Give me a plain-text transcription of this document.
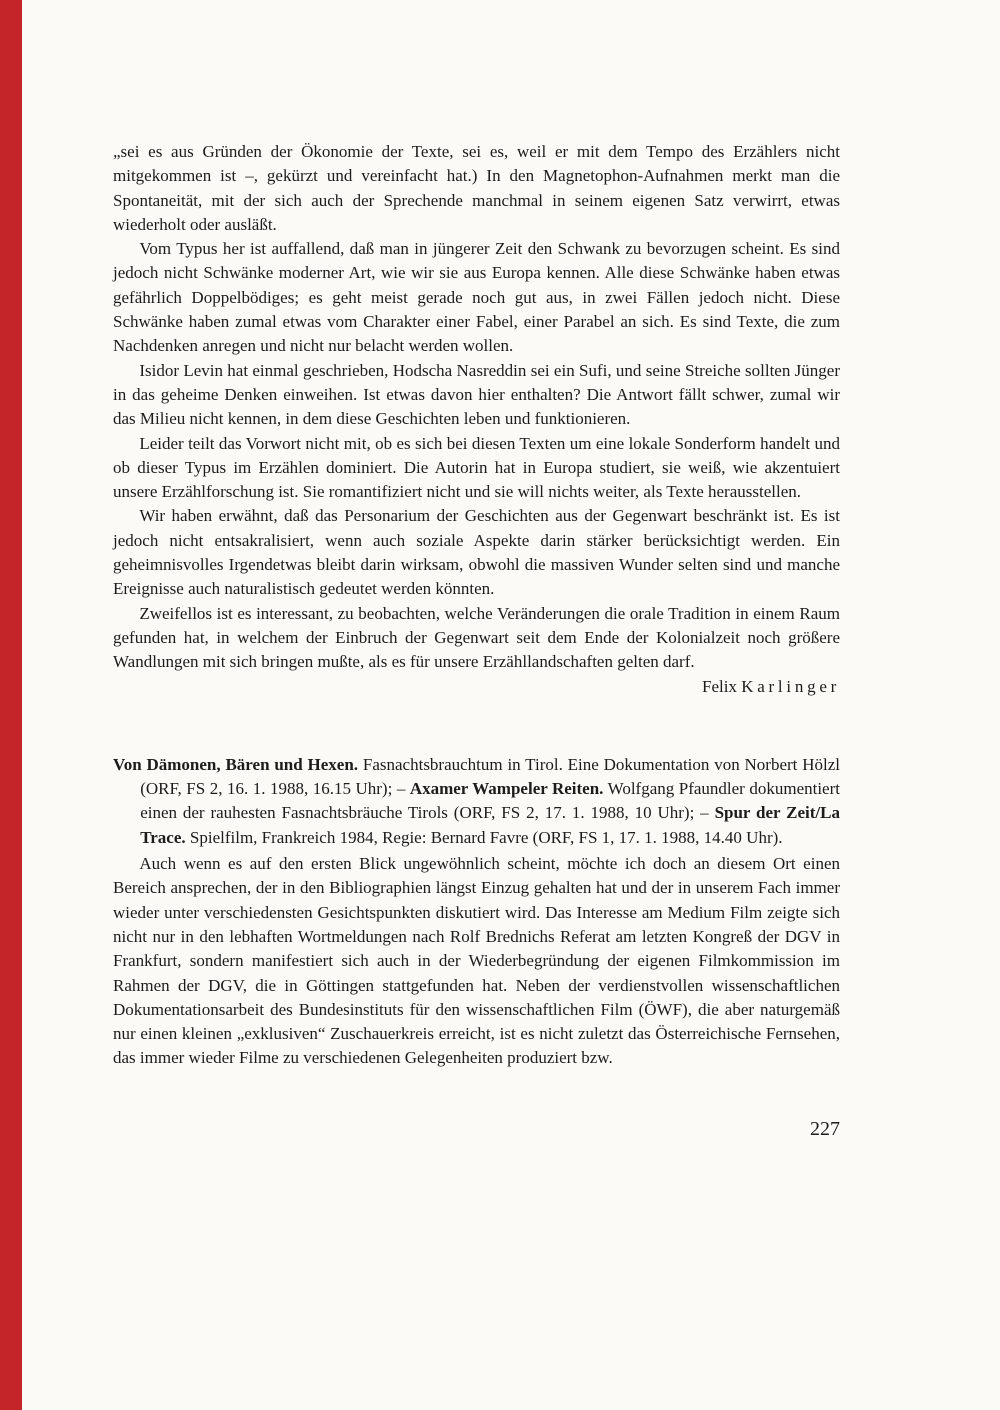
„sei es aus Gründen der Ökonomie der Texte, sei es, weil er mit dem Tempo des Erzählers nicht mitgekommen ist –, gekürzt und vereinfacht hat.) In den Magnetophon-Aufnahmen merkt man die Spontaneität, mit der sich auch der Sprechende manchmal in seinem eigenen Satz verwirrt, etwas wiederholt oder ausläßt.

Vom Typus her ist auffallend, daß man in jüngerer Zeit den Schwank zu bevorzugen scheint. Es sind jedoch nicht Schwänke moderner Art, wie wir sie aus Europa kennen. Alle diese Schwänke haben etwas gefährlich Doppelbödiges; es geht meist gerade noch gut aus, in zwei Fällen jedoch nicht. Diese Schwänke haben zumal etwas vom Charakter einer Fabel, einer Parabel an sich. Es sind Texte, die zum Nachdenken anregen und nicht nur belacht werden wollen.

Isidor Levin hat einmal geschrieben, Hodscha Nasreddin sei ein Sufi, und seine Streiche sollten Jünger in das geheime Denken einweihen. Ist etwas davon hier enthalten? Die Antwort fällt schwer, zumal wir das Milieu nicht kennen, in dem diese Geschichten leben und funktionieren.

Leider teilt das Vorwort nicht mit, ob es sich bei diesen Texten um eine lokale Sonderform handelt und ob dieser Typus im Erzählen dominiert. Die Autorin hat in Europa studiert, sie weiß, wie akzentuiert unsere Erzählforschung ist. Sie romantifiziert nicht und sie will nichts weiter, als Texte herausstellen.

Wir haben erwähnt, daß das Personarium der Geschichten aus der Gegenwart beschränkt ist. Es ist jedoch nicht entsakralisiert, wenn auch soziale Aspekte darin stärker berücksichtigt werden. Ein geheimnisvolles Irgendetwas bleibt darin wirksam, obwohl die massiven Wunder selten sind und manche Ereignisse auch naturalistisch gedeutet werden könnten.

Zweifellos ist es interessant, zu beobachten, welche Veränderungen die orale Tradition in einem Raum gefunden hat, in welchem der Einbruch der Gegenwart seit dem Ende der Kolonialzeit noch größere Wandlungen mit sich bringen mußte, als es für unsere Erzähllandschaften gelten darf.

Felix Karlinger

Von Dämonen, Bären und Hexen. Fasnachtsbrauchtum in Tirol. Eine Dokumentation von Norbert Hölzl (ORF, FS 2, 16. 1. 1988, 16.15 Uhr); – Axamer Wampeler Reiten. Wolfgang Pfaundler dokumentiert einen der rauhesten Fasnachtsbräuche Tirols (ORF, FS 2, 17. 1. 1988, 10 Uhr); – Spur der Zeit/La Trace. Spielfilm, Frankreich 1984, Regie: Bernard Favre (ORF, FS 1, 17. 1. 1988, 14.40 Uhr).

Auch wenn es auf den ersten Blick ungewöhnlich scheint, möchte ich doch an diesem Ort einen Bereich ansprechen, der in den Bibliographien längst Einzug gehalten hat und der in unserem Fach immer wieder unter verschiedensten Gesichtspunkten diskutiert wird. Das Interesse am Medium Film zeigte sich nicht nur in den lebhaften Wortmeldungen nach Rolf Brednichs Referat am letzten Kongreß der DGV in Frankfurt, sondern manifestiert sich auch in der Wiederbegründung der eigenen Filmkommission im Rahmen der DGV, die in Göttingen stattgefunden hat. Neben der verdienstvollen wissenschaftlichen Dokumentationsarbeit des Bundesinstituts für den wissenschaftlichen Film (ÖWF), die aber naturgemäß nur einen kleinen „exklusiven“ Zuschauerkreis erreicht, ist es nicht zuletzt das Österreichische Fernsehen, das immer wieder Filme zu verschiedenen Gelegenheiten produziert bzw.

227
